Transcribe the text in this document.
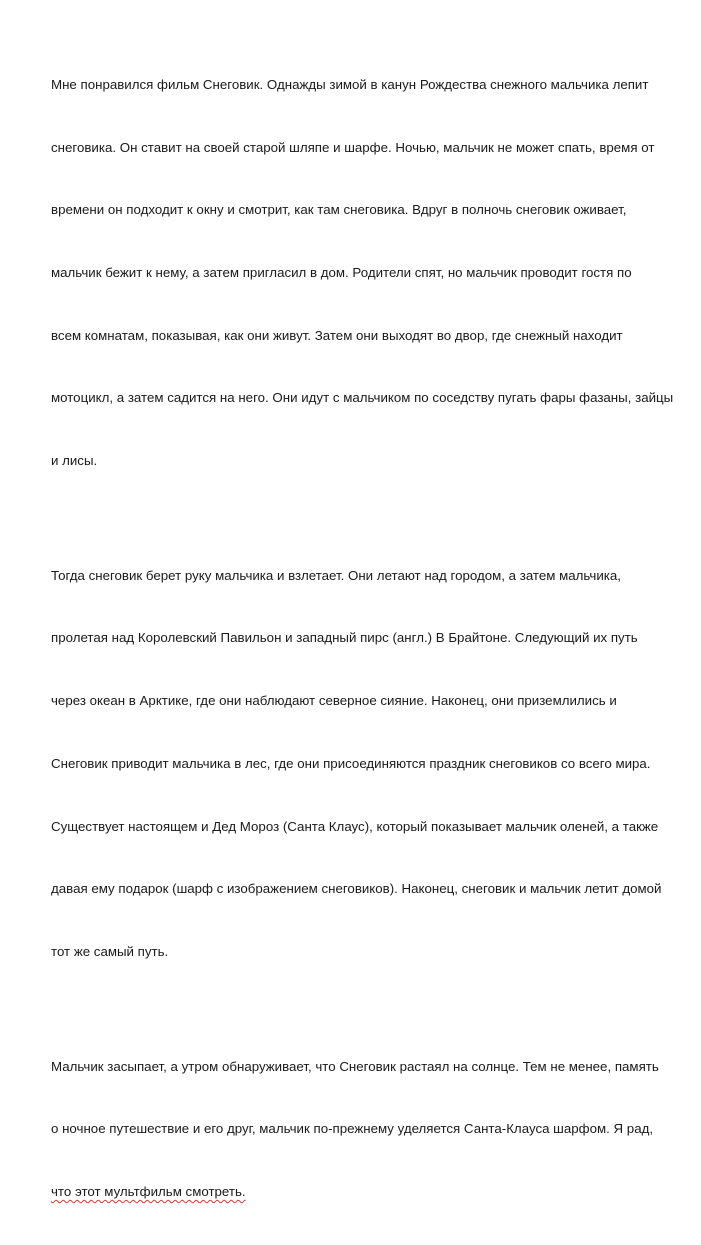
Мне понравился фильм Снеговик. Однажды зимой в канун Рождества снежного мальчика лепит

снеговика. Он ставит на своей старой шляпе и шарфе. Ночью, мальчик не может спать, время от

времени он подходит к окну и смотрит, как там снеговика. Вдруг в полночь снеговик оживает,

мальчик бежит к нему, а затем пригласил в дом. Родители спят, но мальчик проводит гостя по

всем комнатам, показывая, как они живут. Затем они выходят во двор, где снежный находит

мотоцикл, а затем садится на него. Они идут с мальчиком по соседству пугать фары фазаны, зайцы

и лисы.

Тогда снеговик берет руку мальчика и взлетает. Они летают над городом, а затем мальчика,

пролетая над Королевский Павильон и западный пирс (англ.) В Брайтоне. Следующий их путь

через океан в Арктике, где они наблюдают северное сияние. Наконец, они приземлились и

Снеговик приводит мальчика в лес, где они присоединяются праздник снеговиков со всего мира.

Существует настоящем и Дед Мороз (Санта Клаус), который показывает мальчик оленей, а также

давая ему подарок (шарф с изображением снеговиков). Наконец, снеговик и мальчик летит домой

тот же самый путь.

Мальчик засыпает, а утром обнаруживает, что Снеговик растаял на солнце. Тем не менее, память

о ночное путешествие и его друг, мальчик по-прежнему уделяется Санта-Клауса шарфом. Я рад,

что этот мультфильм смотреть.
